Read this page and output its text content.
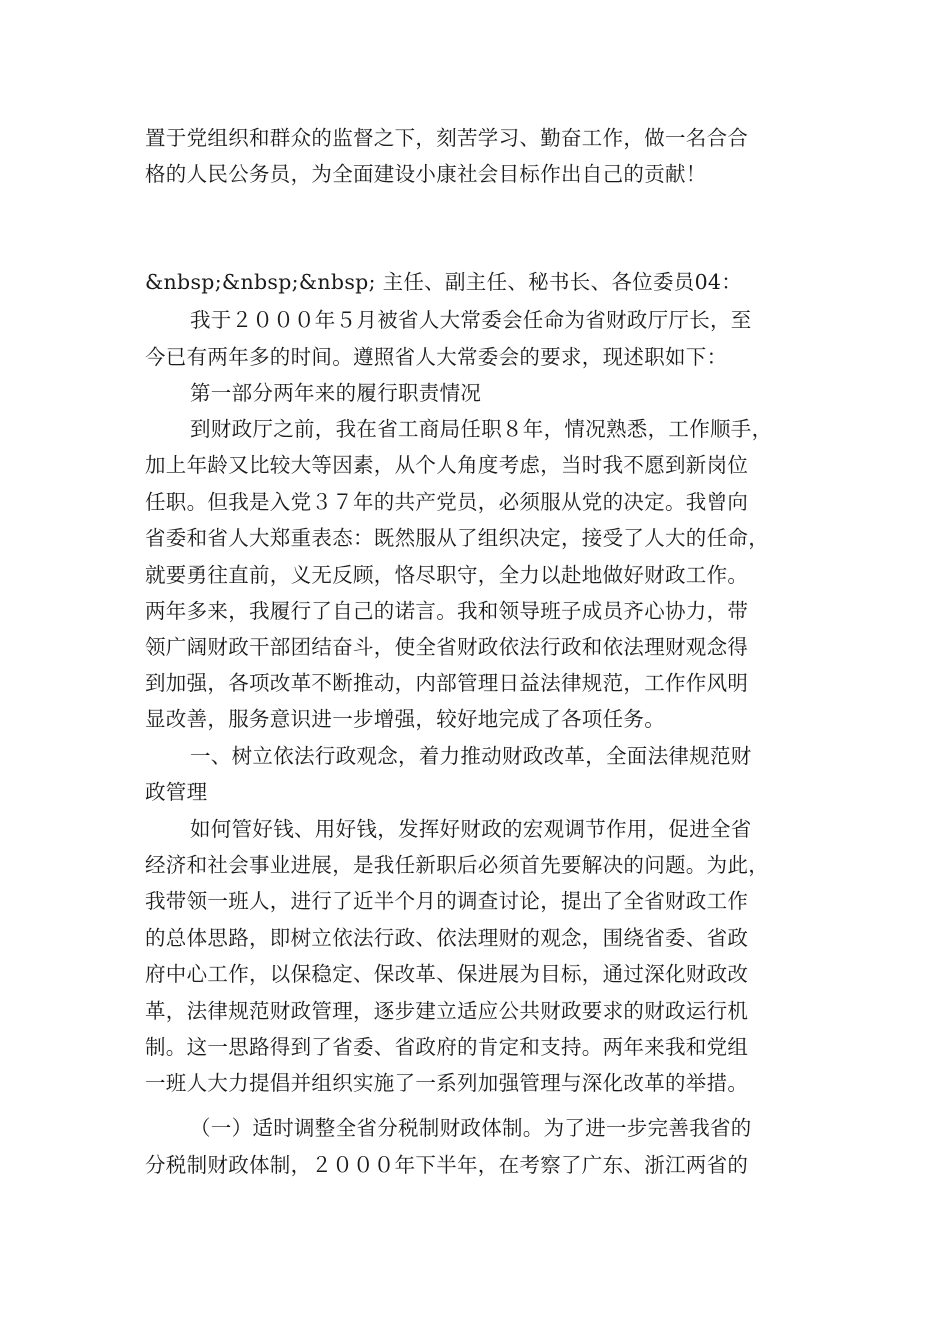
置于党组织和群众的监督之下，刻苦学习、勤奋工作，做一名合合
格的人民公务员，为全面建设小康社会目标作出自己的贡献！
&nbsp;&nbsp;&nbsp; 主任、副主任、秘书长、各位委员04：
我于２０００年５月被省人大常委会任命为省财政厅厅长，至
今已有两年多的时间。遵照省人大常委会的要求，现述职如下：
第一部分两年来的履行职责情况
到财政厅之前，我在省工商局任职８年，情况熟悉，工作顺手，
加上年龄又比较大等因素，从个人角度考虑，当时我不愿到新岗位
任职。但我是入党３７年的共产党员，必须服从党的决定。我曾向
省委和省人大郑重表态：既然服从了组织决定，接受了人大的任命，
就要勇往直前，义无反顾，恪尽职守，全力以赴地做好财政工作。
两年多来，我履行了自己的诺言。我和领导班子成员齐心协力，带
领广阔财政干部团结奋斗，使全省财政依法行政和依法理财观念得
到加强，各项改革不断推动，内部管理日益法律规范，工作作风明
显改善，服务意识进一步增强，较好地完成了各项任务。
一、树立依法行政观念，着力推动财政改革，全面法律规范财
政管理
如何管好钱、用好钱，发挥好财政的宏观调节作用，促进全省
经济和社会事业进展，是我任新职后必须首先要解决的问题。为此，
我带领一班人，进行了近半个月的调查讨论，提出了全省财政工作
的总体思路，即树立依法行政、依法理财的观念，围绕省委、省政
府中心工作，以保稳定、保改革、保进展为目标，通过深化财政改
革，法律规范财政管理，逐步建立适应公共财政要求的财政运行机
制。这一思路得到了省委、省政府的肯定和支持。两年来我和党组
一班人大力提倡并组织实施了一系列加强管理与深化改革的举措。
（一）适时调整全省分税制财政体制。为了进一步完善我省的
分税制财政体制，２０００年下半年，在考察了广东、浙江两省的
